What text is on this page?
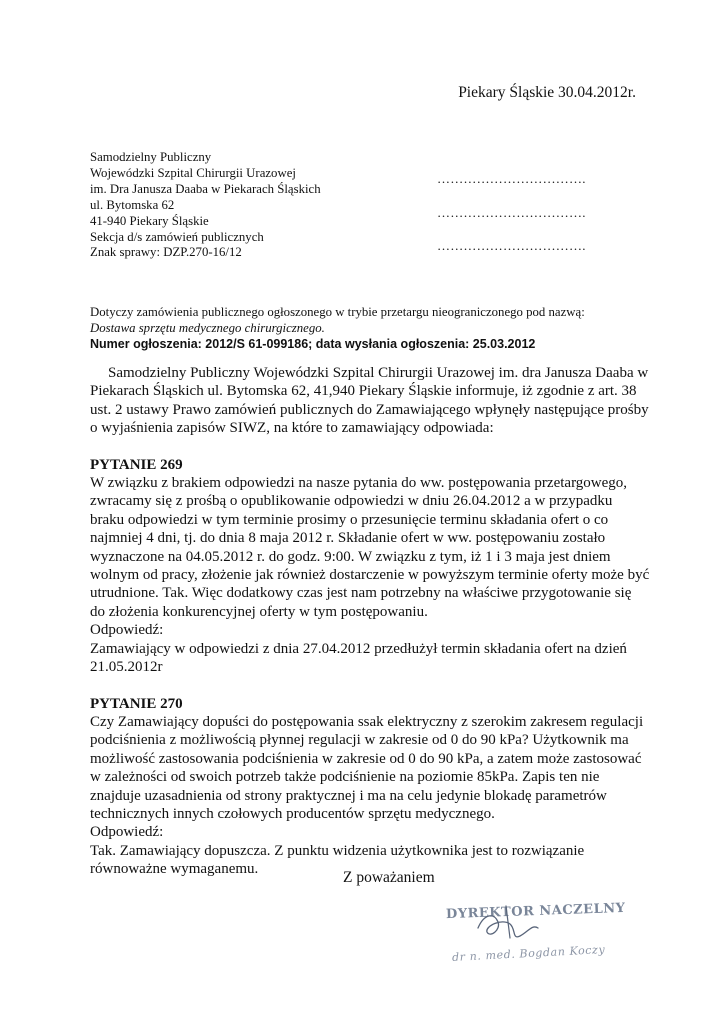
Piekary Śląskie 30.04.2012r.
Samodzielny Publiczny
Wojewódzki Szpital Chirurgii Urazowej
im. Dra Janusza Daaba w Piekarach Śląskich
ul. Bytomska 62
41-940 Piekary Śląskie
Sekcja d/s zamówień publicznych
Znak sprawy: DZP.270-16/12
…………………………….
…………………………….
…………………………….
Dotyczy zamówienia publicznego ogłoszonego w trybie przetargu nieograniczonego pod nazwą:
Dostawa sprzętu medycznego chirurgicznego.
Numer ogłoszenia: 2012/S 61-099186; data wysłania ogłoszenia: 25.03.2012

Samodzielny Publiczny Wojewódzki Szpital Chirurgii Urazowej im. dra Janusza Daaba w Piekarach Śląskich ul. Bytomska 62, 41,940 Piekary Śląskie informuje, iż zgodnie z art. 38 ust. 2 ustawy Prawo zamówień publicznych do Zamawiającego wpłynęły następujące prośby o wyjaśnienia zapisów SIWZ, na które to zamawiający odpowiada:

PYTANIE 269

W związku z brakiem odpowiedzi na nasze pytania do ww. postępowania przetargowego, zwracamy się z prośbą o opublikowanie odpowiedzi w dniu 26.04.2012 a w przypadku braku odpowiedzi w tym terminie prosimy o przesunięcie terminu składania ofert o co najmniej 4 dni, tj. do dnia 8 maja 2012 r. Składanie ofert w ww. postępowaniu zostało wyznaczone na 04.05.2012 r. do godz. 9:00. W związku z tym, iż 1 i 3 maja jest dniem wolnym od pracy, złożenie jak również dostarczenie w powyższym terminie oferty może być utrudnione. Tak. Więc dodatkowy czas jest nam potrzebny na właściwe przygotowanie się do złożenia konkurencyjnej oferty w tym postępowaniu.

Odpowiedź:

Zamawiający w odpowiedzi z dnia 27.04.2012 przedłużył termin składania ofert na dzień 21.05.2012r

PYTANIE 270

Czy Zamawiający dopuści do postępowania ssak elektryczny z szerokim zakresem regulacji podciśnienia z możliwością płynnej regulacji w zakresie od 0 do 90 kPa? Użytkownik ma możliwość zastosowania podciśnienia w zakresie od 0 do 90 kPa, a zatem może zastosować w zależności od swoich potrzeb także podciśnienie na poziomie 85kPa. Zapis ten nie znajduje uzasadnienia od strony praktycznej i ma na celu jedynie blokadę parametrów technicznych innych czołowych producentów sprzętu medycznego.

Odpowiedź:

Tak. Zamawiający dopuszcza. Z punktu widzenia użytkownika jest to rozwiązanie równoważne wymaganemu.	Z poważaniem
DYREKTOR NACZELNY
dr n. med. Bogdan Koczy
